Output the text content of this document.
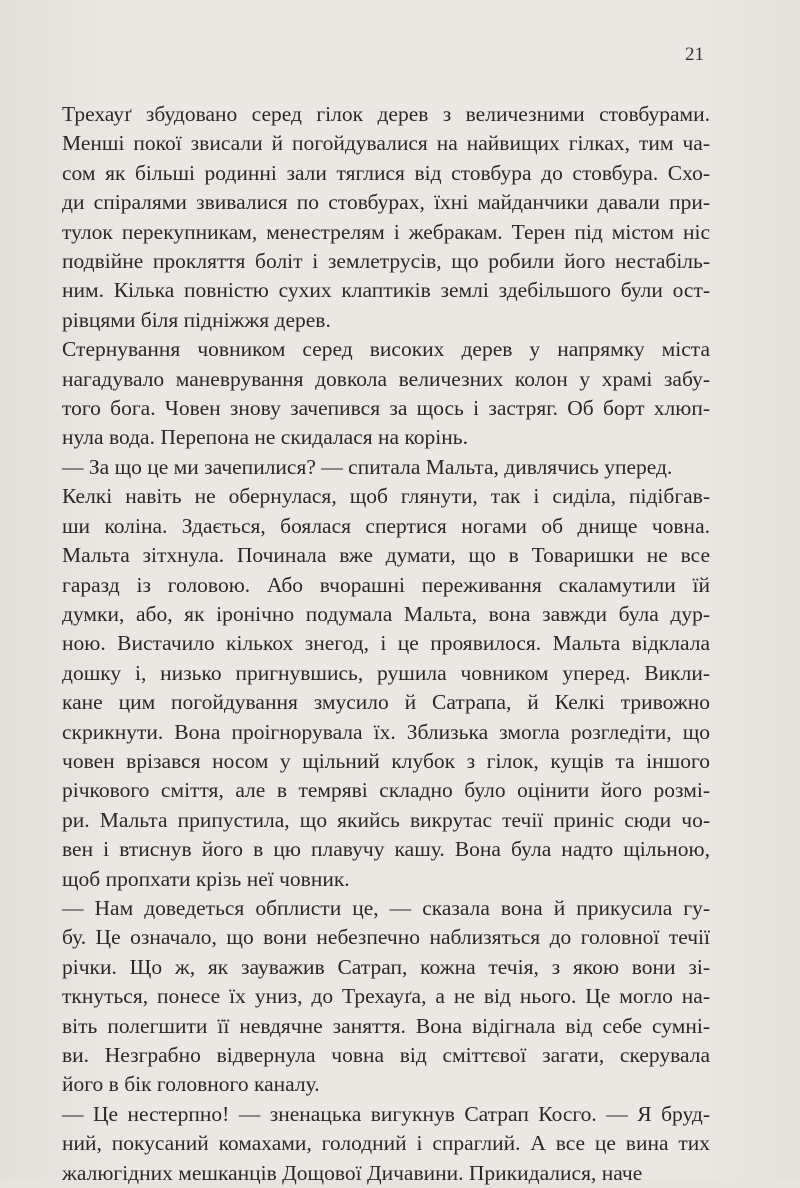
21
Трехауґ збудовано серед гілок дерев з величезними стовбурами.
Менші покої звисали й погойдувалися на найвищих гілках, тим ча-
сом як більші родинні зали тяглися від стовбура до стовбура. Схо-
ди спіралями звивалися по стовбурах, їхні майданчики давали при-
тулок перекупникам, менестрелям і жебракам. Терен під містом ніс
подвійне прокляття боліт і землетрусів, що робили його нестабіль-
ним. Кілька повністю сухих клаптиків землі здебільшого були ост-
рівцями біля підніжжя дерев.
Стернування човником серед високих дерев у напрямку міста
нагадувало маневрування довкола величезних колон у храмі забу-
того бога. Човен знову зачепився за щось і застряг. Об борт хлюп-
нула вода. Перепона не скидалася на корінь.
— За що це ми зачепилися? — спитала Мальта, дивлячись уперед.
Келкі навіть не обернулася, щоб глянути, так і сиділа, підібгав-
ши коліна. Здається, боялася спертися ногами об днище човна.
Мальта зітхнула. Починала вже думати, що в Товаришки не все
гаразд із головою. Або вчорашні переживання скаламутили їй
думки, або, як іронічно подумала Мальта, вона завжди була дур-
ною. Вистачило кількох знегод, і це проявилося. Мальта відклала
дошку і, низько пригнувшись, рушила човником уперед. Викли-
кане цим погойдування змусило й Сатрапа, й Келкі тривожно
скрикнути. Вона проігнорувала їх. Зблизька змогла розгледіти, що
човен врізався носом у щільний клубок з гілок, кущів та іншого
річкового сміття, але в темряві складно було оцінити його розмі-
ри. Мальта припустила, що якийсь викрутас течії приніс сюди чо-
вен і втиснув його в цю плавучу кашу. Вона була надто щільною,
щоб пропхати крізь неї човник.
— Нам доведеться обплисти це, — сказала вона й прикусила гу-
бу. Це означало, що вони небезпечно наблизяться до головної течії
річки. Що ж, як зауважив Сатрап, кожна течія, з якою вони зі-
ткнуться, понесе їх униз, до Трехауґа, а не від нього. Це могло на-
віть полегшити її невдячне заняття. Вона відігнала від себе сумні-
ви. Незграбно відвернула човна від сміттєвої загати, скерувала
його в бік головного каналу.
— Це нестерпно! — зненацька вигукнув Сатрап Косго. — Я бруд-
ний, покусаний комахами, голодний і спраглий. А все це вина тих
жалюгідних мешканців Дощової Дичавини. Прикидалися, наче
